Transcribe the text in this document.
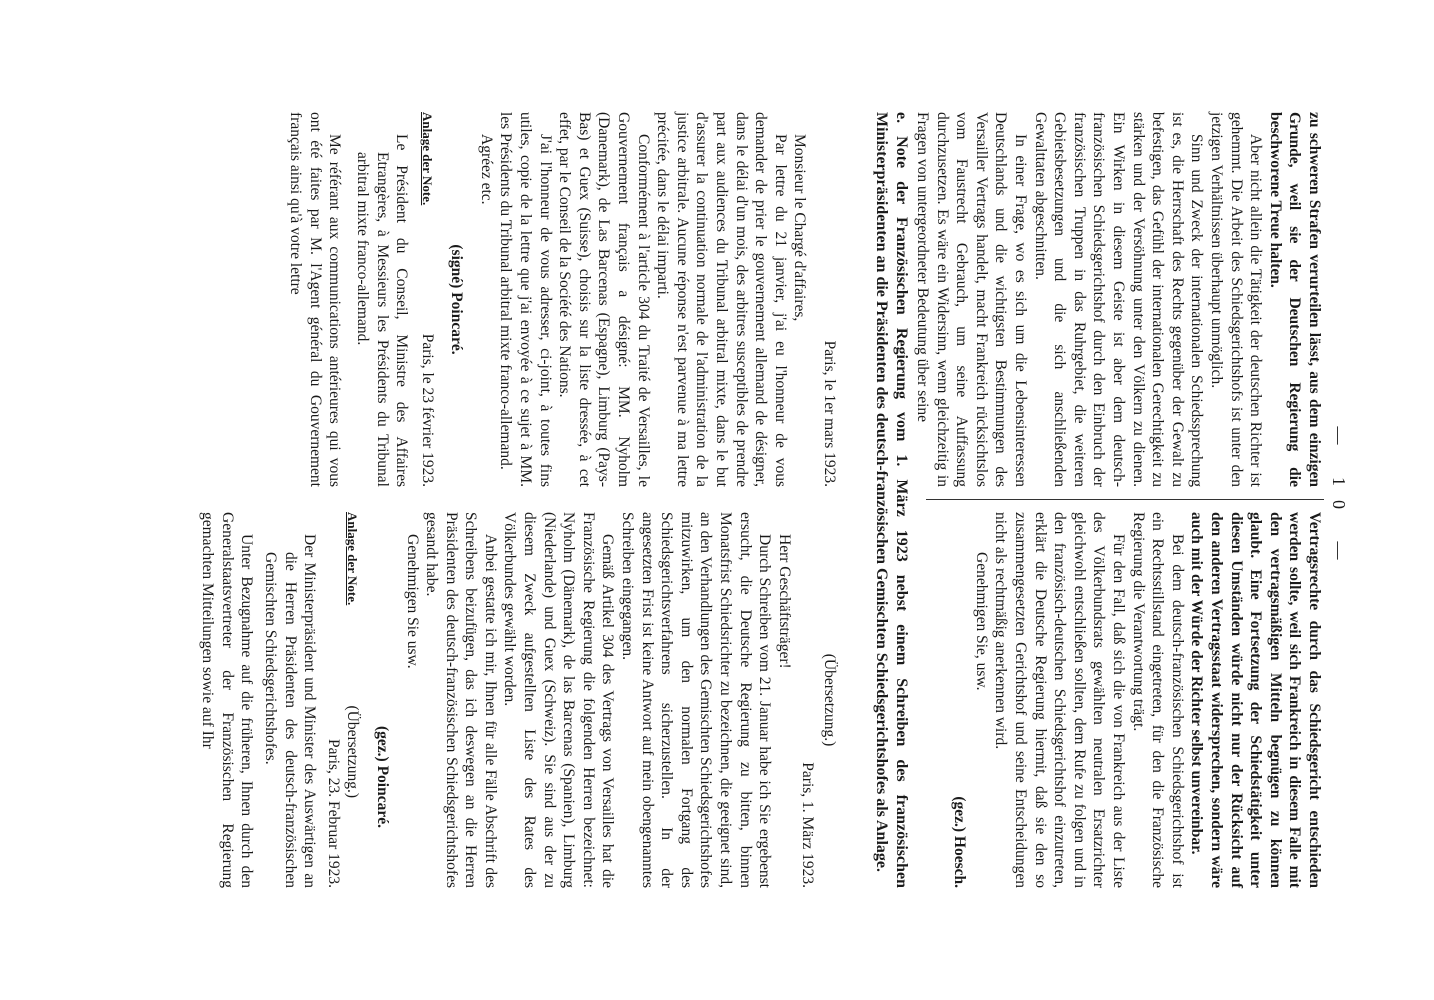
— 10 —

zu schweren Strafen verurteilen lässt, aus dem einzigen Grunde, weil sie der Deutschen Regierung die beschworene Treue halten.

Aber nicht allein die Tätigkeit der deutschen Richter ist gehemmt. Die Arbeit des Schiedsgerichtshofs ist unter den jetzigen Verhältnissen überhaupt unmöglich.

Sinn und Zweck der internationalen Schiedssprechung ist es, die Herrschaft des Rechts gegenüber der Gewalt zu befestigen, das Gefühl der internationalen Gerechtigkeit zu stärken und der Versöhnung unter den Völkern zu dienen. Ein Wirken in diesem Geiste ist aber dem deutsch-französischen Schiedsgerichtshof durch den Einbruch der französischen Truppen in das Ruhrgebiet, die weiteren Gebietsbesetzungen und die sich anschließenden Gewalttaten abgeschnitten.

In einer Frage, wo es sich um die Lebensinteressen Deutschlands und die wichtigsten Bestimmungen des Versailler Vertrags handelt, macht Frankreich rücksichtslos vom Faustrecht Gebrauch, um seine Auffassung durchzusetzen. Es wäre ein Widersinn, wenn gleichzeitig in Fragen von untergeordneter Bedeutung über seine

Vertragsrechte durch das Schiedsgericht entschieden werden sollte, weil sich Frankreich in diesem Falle mit den vertragsmäßigen Mitteln begnügen zu können glaubt. Eine Fortsetzung der Schiedstätigkeit unter diesen Umständen würde nicht nur der Rücksicht auf den anderen Vertragsstaat widersprechen, sondern wäre auch mit der Würde der Richter selbst unvereinbar.

Bei dem deutsch-französischen Schiedsgerichtshof ist ein Rechtsstillstand eingetreten, für den die Französische Regierung die Verantwortung trägt.

Für den Fall, daß sich die von Frankreich aus der Liste des Völkerbundsrats gewählten neutralen Ersatzrichter gleichwohl entschließen sollten, dem Rufe zu folgen und in den französisch-deutschen Schiedsgerichtshof einzutreten, erklärt die Deutsche Regierung hiermit, daß sie den so zusammengesetzten Gerichtshof und seine Entscheidungen nicht als rechtmäßig anerkennen wird.

Genehmigen Sie, usw.

(gez.) Hoesch.

e. Note der Französischen Regierung vom 1. März 1923 nebst einem Schreiben des französischen Ministerpräsidenten an die Präsidenten des deutsch-französischen Gemischten Schiedsgerichtshofes als Anlage.

Paris, le 1er mars 1923.

Monsieur le Chargé d'affaires,

Par lettre du 21 janvier, j'ai eu l'honneur de vous demander de prier le gouvernement allemand de désigner, dans le délai d'un mois, des arbitres susceptibles de prendre part aux audiences du Tribunal arbitral mixte, dans le but d'assurer la continuation normale de l'administration de la justice arbitrale. Aucune réponse n'est parvenue à ma lettre précitée, dans le délai imparti.

Conformément à l'article 304 du Traité de Versailles, le Gouvernement français a désigné: MM. Nyholm (Danemark), de Las Barcenas (Espagne), Limburg (Pays-Bas) et Guex (Suisse), choisis sur la liste dressée, à cet effet, par le Conseil de la Société des Nations.

J'ai l'honneur de vous adresser, ci-joint, à toutes fins utiles, copie de la lettre que j'ai envoyée à ce sujet à MM. les Présidents du Tribunal arbitral mixte franco-allemand.

Agréez etc.

(signé) Poincaré.

Anlage der Note.
Paris, le 23 février 1923.

Le Président du Conseil, Ministre des Affaires Etrangères, à Messieurs les Présidents du Tribunal arbitral mixte franco-allemand.

Me référant aux communications antérieures qui vous ont été faites par M. l'Agent général du Gouvernement français ainsi qu'à votre lettre

(Übersetzung.)

Paris, 1. März 1923.

Herr Geschäftsträger!

Durch Schreiben vom 21. Januar habe ich Sie ergebenst ersucht, die Deutsche Regierung zu bitten, binnen Monatsfrist Schiedsrichter zu bezeichnen, die geeignet sind, an den Verhandlungen des Gemischten Schiedsgerichtshofes mitzuwirken, um den normalen Fortgang des Schiedsgerichtsverfahrens sicherzustellen. In der angesetzten Frist ist keine Antwort auf mein obengenanntes Schreiben eingegangen.

Gemäß Artikel 304 des Vertrags von Versailles hat die Französische Regierung die folgenden Herren bezeichnet: Nyholm (Dänemark), de las Barcenas (Spanien), Limburg (Niederlande) und Guex (Schweiz). Sie sind aus der zu diesem Zweck aufgestellten Liste des Rates des Völkerbundes gewählt worden.

Anbei gestatte ich mir, Ihnen für alle Fälle Abschrift des Schreibens beizufügen, das ich deswegen an die Herren Präsidenten des deutsch-französischen Schiedsgerichtshofes gesandt habe.

Genehmigen Sie usw.

(gez.) Poincaré.

Anlage der Note.
(Übersetzung.)

Paris, 23. Februar 1923.

Der Ministerpräsident und Minister des Auswärtigen an die Herren Präsidenten des deutsch-französischen Gemischten Schiedsgerichtshofes.

Unter Bezugnahme auf die früheren, Ihnen durch den Generalstaatsvertreter der Französischen Regierung gemachten Mitteilungen sowie auf Ihr
